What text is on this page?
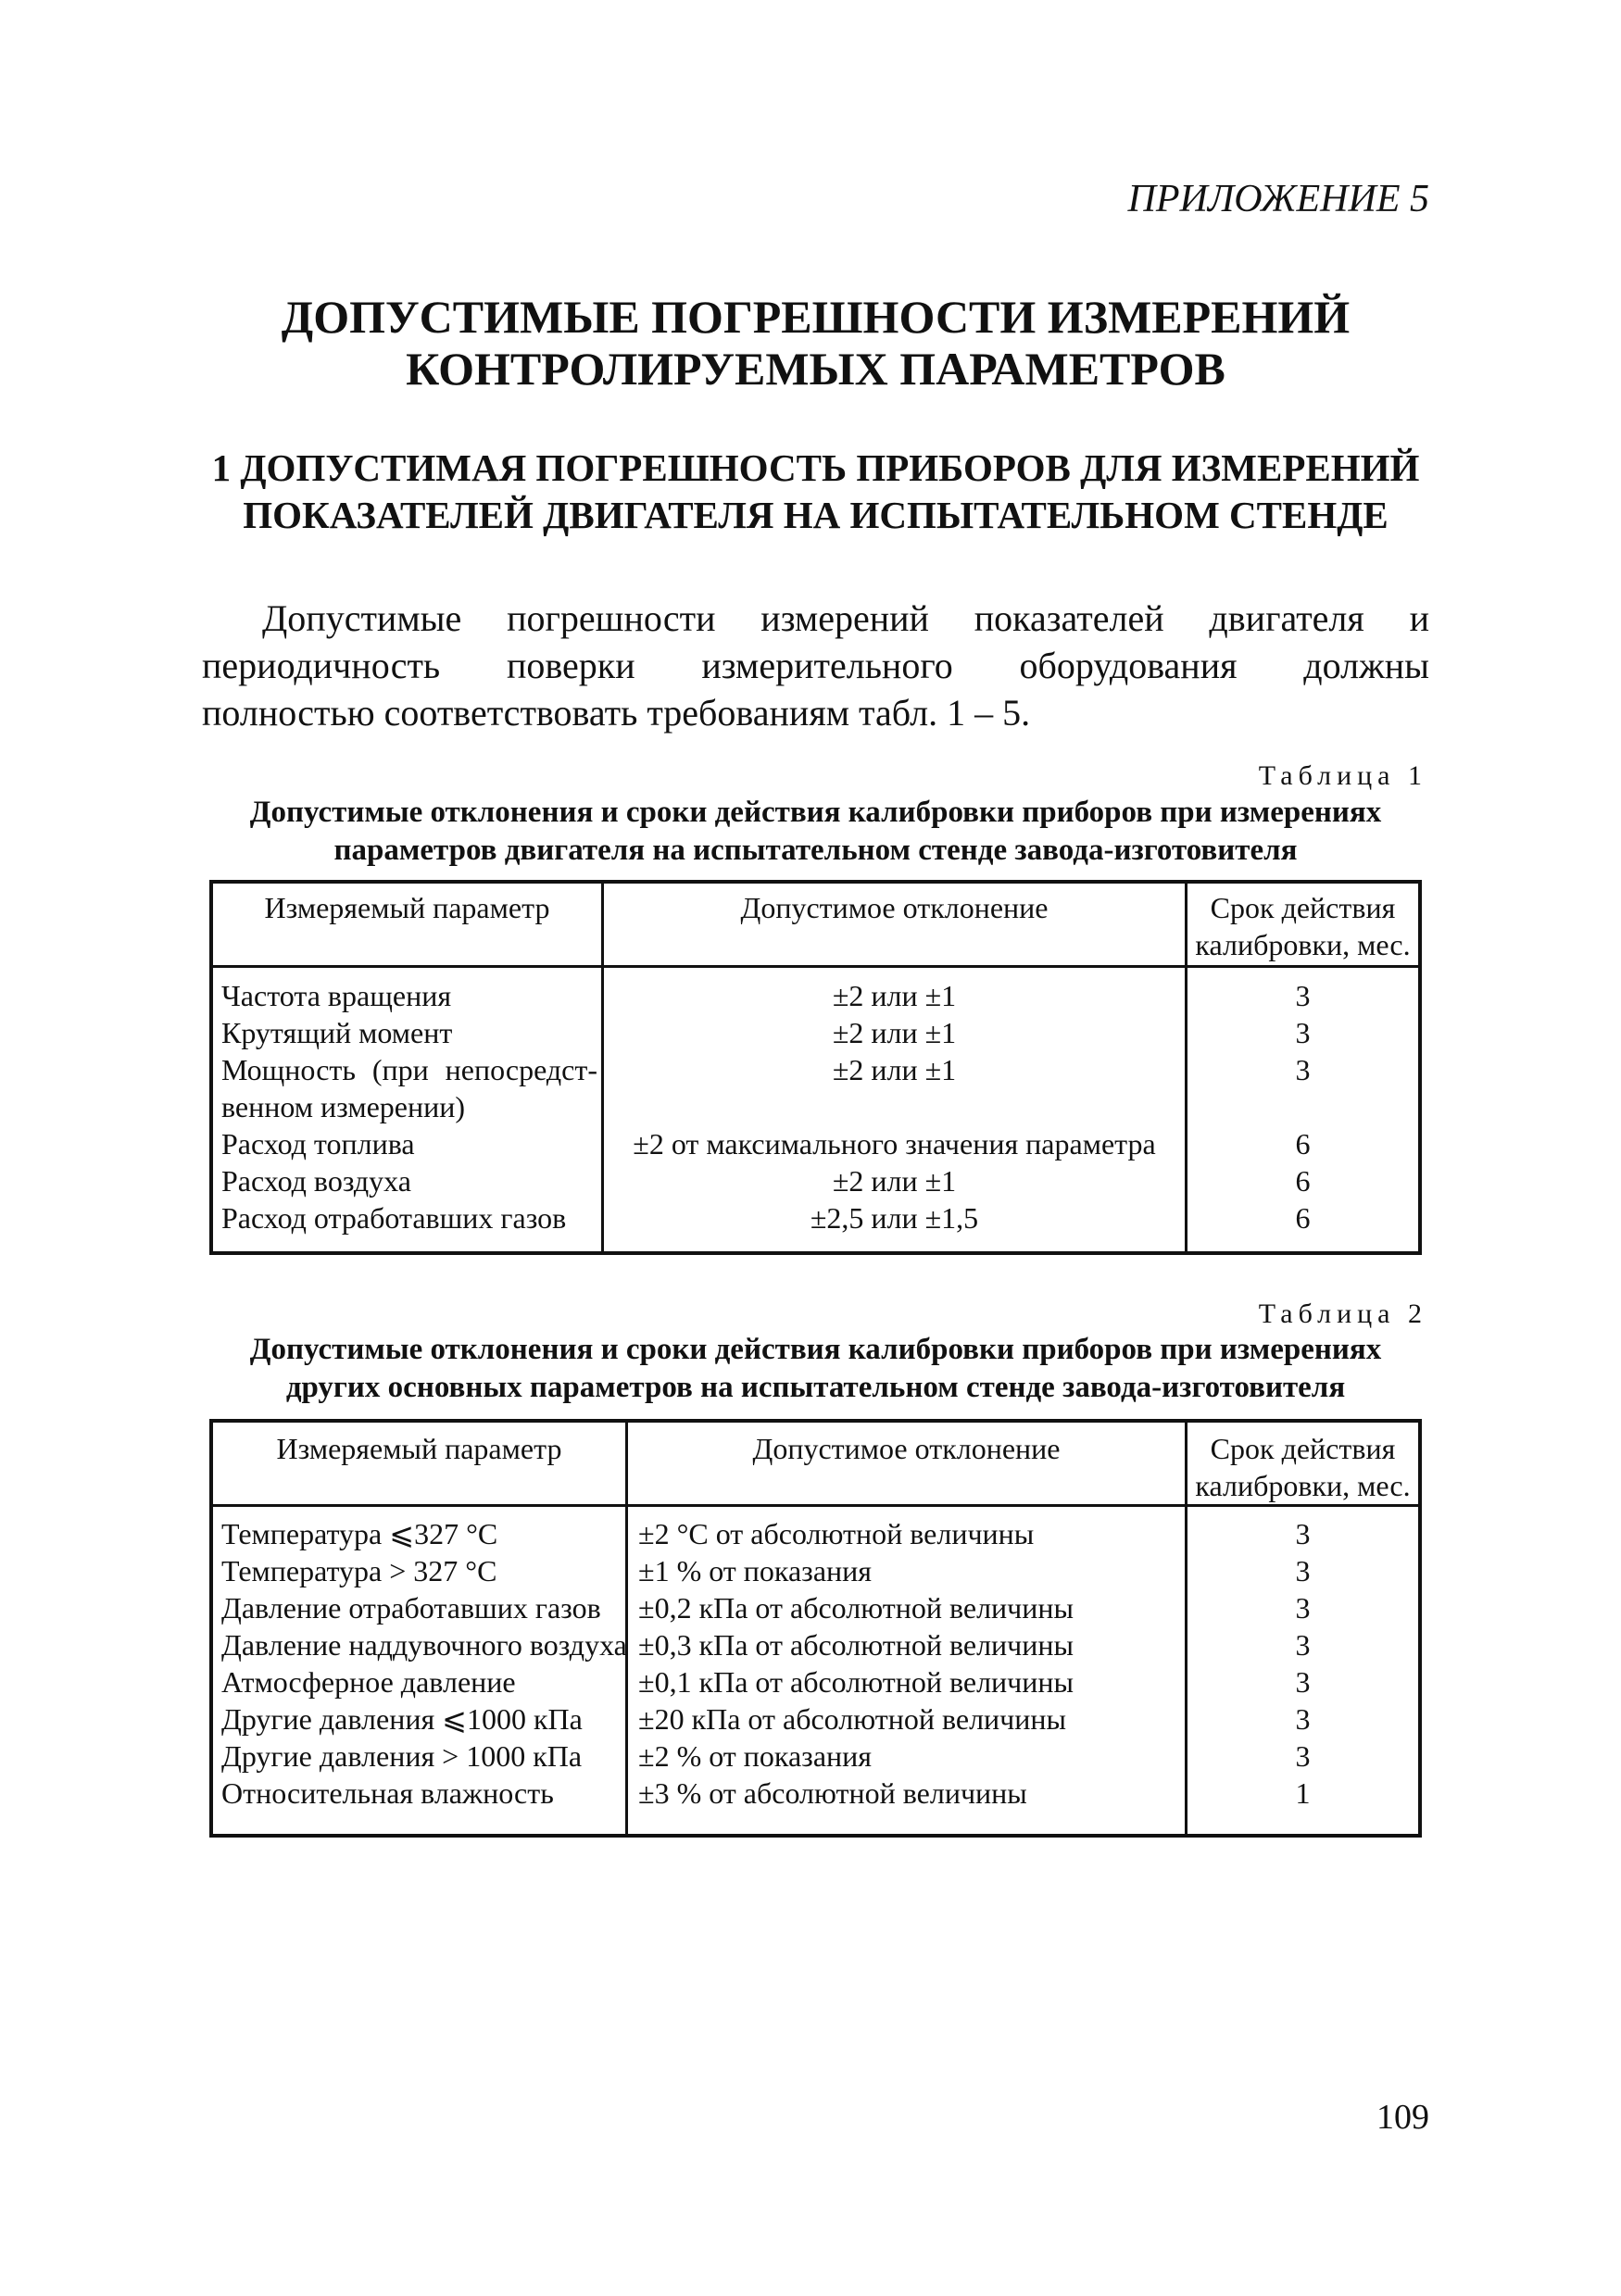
ПРИЛОЖЕНИЕ 5
ДОПУСТИМЫЕ ПОГРЕШНОСТИ ИЗМЕРЕНИЙ
КОНТРОЛИРУЕМЫХ ПАРАМЕТРОВ
1 ДОПУСТИМАЯ ПОГРЕШНОСТЬ ПРИБОРОВ ДЛЯ ИЗМЕРЕНИЙ
ПОКАЗАТЕЛЕЙ ДВИГАТЕЛЯ НА ИСПЫТАТЕЛЬНОМ СТЕНДЕ
Допустимые погрешности измерений показателей двигателя и
периодичность поверки измерительного оборудования должны
полностью соответствовать требованиям табл. 1 – 5.
Таблица 1
Допустимые отклонения и сроки действия калибровки приборов при измерениях
параметров двигателя на испытательном стенде завода-изготовителя
Измеряемый параметр	Допустимое отклонение	Срок действия
калибровки, мес.

Частота вращения	±2 или ±1	3
Крутящий момент	±2 или ±1	3

Мощность (при непосредст-
венном измерении)	±2 или ±1	3
Расход топлива	±2 от максимального значения параметра	6
Расход воздуха	±2 или ±1	6
Расход отработавших газов	±2,5 или ±1,5	6
Таблица 2
Допустимые отклонения и сроки действия калибровки приборов при измерениях
других основных параметров на испытательном стенде завода-изготовителя
Измеряемый параметр	Допустимое отклонение	Срок действия
калибровки, мес.

Температура ⩽327 °С	±2 °С от абсолютной величины	3
Температура > 327 °С	±1 % от показания	3
Давление отработавших газов	±0,2 кПа от абсолютной величины	3
Давление наддувочного воздуха	±0,3 кПа от абсолютной величины	3
Атмосферное давление	±0,1 кПа от абсолютной величины	3
Другие давления ⩽1000 кПа	±20 кПа от абсолютной величины	3
Другие давления > 1000 кПа	±2 % от показания	3
Относительная влажность	±3 % от абсолютной величины	1
109
